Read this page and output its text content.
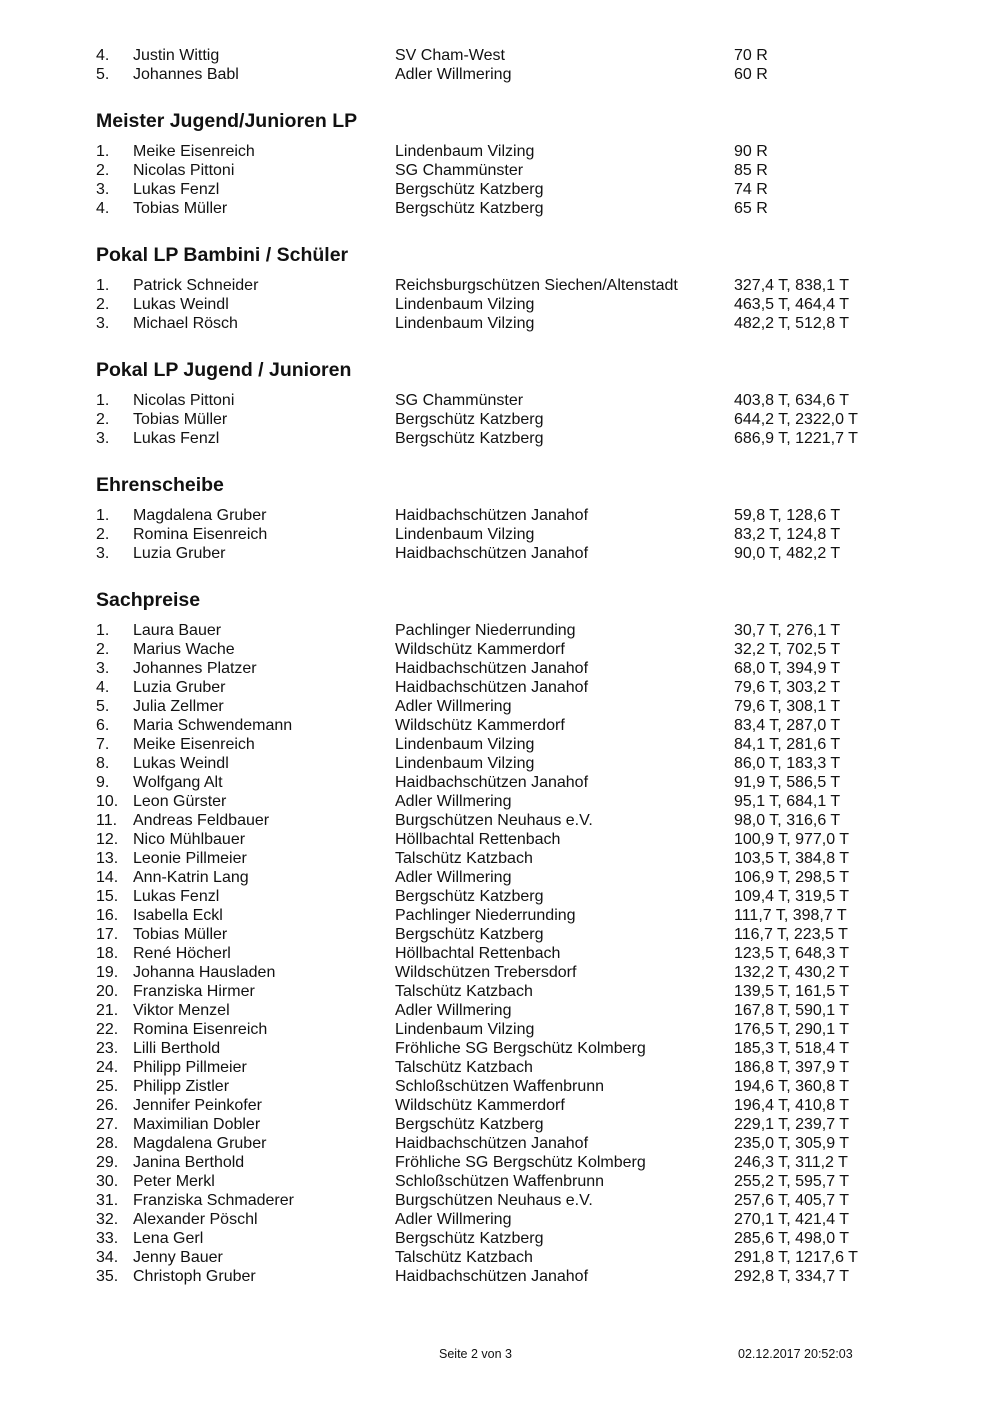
4. Justin Wittig	SV Cham-West	70 R
5. Johannes Babl	Adler Willmering	60 R
Meister Jugend/Junioren LP
1. Meike Eisenreich	Lindenbaum Vilzing	90 R
2. Nicolas Pittoni	SG Chammünster	85 R
3. Lukas Fenzl	Bergschütz Katzberg	74 R
4. Tobias Müller	Bergschütz Katzberg	65 R
Pokal LP Bambini / Schüler
1. Patrick Schneider	Reichsburgschützen Siechen/Altenstadt	327,4 T, 838,1 T
2. Lukas Weindl	Lindenbaum Vilzing	463,5 T, 464,4 T
3. Michael Rösch	Lindenbaum Vilzing	482,2 T, 512,8 T
Pokal LP Jugend / Junioren
1. Nicolas Pittoni	SG Chammünster	403,8 T, 634,6 T
2. Tobias Müller	Bergschütz Katzberg	644,2 T, 2322,0 T
3. Lukas Fenzl	Bergschütz Katzberg	686,9 T, 1221,7 T
Ehrenscheibe
1. Magdalena Gruber	Haidbachschützen Janahof	59,8 T, 128,6 T
2. Romina Eisenreich	Lindenbaum Vilzing	83,2 T, 124,8 T
3. Luzia Gruber	Haidbachschützen Janahof	90,0 T, 482,2 T
Sachpreise
1. Laura Bauer	Pachlinger Niederrunding	30,7 T, 276,1 T
2. Marius Wache	Wildschütz Kammerdorf	32,2 T, 702,5 T
3. Johannes Platzer	Haidbachschützen Janahof	68,0 T, 394,9 T
4. Luzia Gruber	Haidbachschützen Janahof	79,6 T, 303,2 T
5. Julia Zellmer	Adler Willmering	79,6 T, 308,1 T
6. Maria Schwendemann	Wildschütz Kammerdorf	83,4 T, 287,0 T
7. Meike Eisenreich	Lindenbaum Vilzing	84,1 T, 281,6 T
8. Lukas Weindl	Lindenbaum Vilzing	86,0 T, 183,3 T
9. Wolfgang Alt	Haidbachschützen Janahof	91,9 T, 586,5 T
10. Leon Gürster	Adler Willmering	95,1 T, 684,1 T
11. Andreas Feldbauer	Burgschützen Neuhaus e.V.	98,0 T, 316,6 T
12. Nico Mühlbauer	Höllbachtal Rettenbach	100,9 T, 977,0 T
13. Leonie Pillmeier	Talschütz Katzbach	103,5 T, 384,8 T
14. Ann-Katrin Lang	Adler Willmering	106,9 T, 298,5 T
15. Lukas Fenzl	Bergschütz Katzberg	109,4 T, 319,5 T
16. Isabella Eckl	Pachlinger Niederrunding	111,7 T, 398,7 T
17. Tobias Müller	Bergschütz Katzberg	116,7 T, 223,5 T
18. René Höcherl	Höllbachtal Rettenbach	123,5 T, 648,3 T
19. Johanna Hausladen	Wildschützen Trebersdorf	132,2 T, 430,2 T
20. Franziska Hirmer	Talschütz Katzbach	139,5 T, 161,5 T
21. Viktor Menzel	Adler Willmering	167,8 T, 590,1 T
22. Romina Eisenreich	Lindenbaum Vilzing	176,5 T, 290,1 T
23. Lilli Berthold	Fröhliche SG Bergschütz Kolmberg	185,3 T, 518,4 T
24. Philipp Pillmeier	Talschütz Katzbach	186,8 T, 397,9 T
25. Philipp Zistler	Schloßschützen Waffenbrunn	194,6 T, 360,8 T
26. Jennifer Peinkofer	Wildschütz Kammerdorf	196,4 T, 410,8 T
27. Maximilian Dobler	Bergschütz Katzberg	229,1 T, 239,7 T
28. Magdalena Gruber	Haidbachschützen Janahof	235,0 T, 305,9 T
29. Janina Berthold	Fröhliche SG Bergschütz Kolmberg	246,3 T, 311,2 T
30. Peter Merkl	Schloßschützen Waffenbrunn	255,2 T, 595,7 T
31. Franziska Schmaderer	Burgschützen Neuhaus e.V.	257,6 T, 405,7 T
32. Alexander Pöschl	Adler Willmering	270,1 T, 421,4 T
33. Lena Gerl	Bergschütz Katzberg	285,6 T, 498,0 T
34. Jenny Bauer	Talschütz Katzbach	291,8 T, 1217,6 T
35. Christoph Gruber	Haidbachschützen Janahof	292,8 T, 334,7 T
Seite 2 von 3	02.12.2017 20:52:03
